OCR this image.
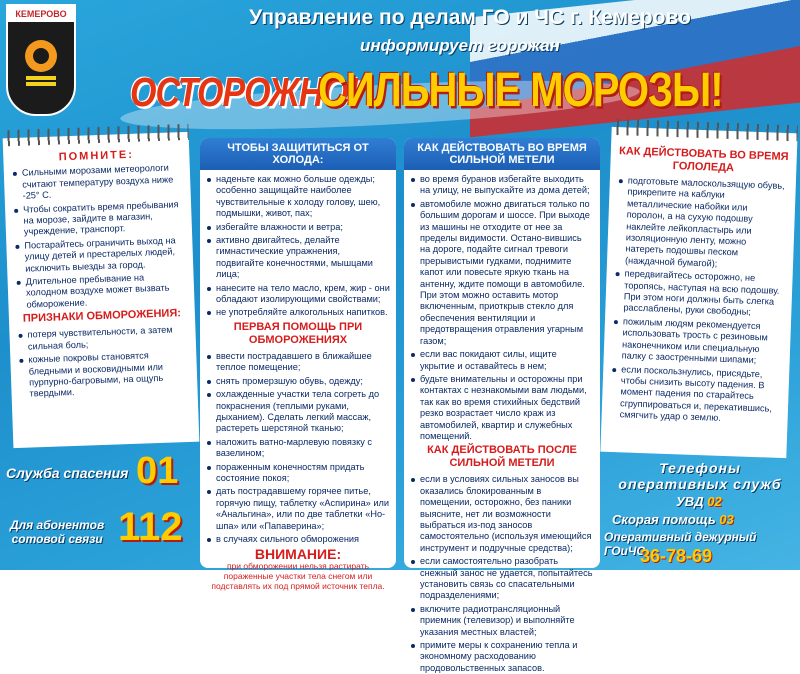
КЕМЕРОВО	Управление по делам ГО и ЧС г. Кемерово
информирует горожан
ОСТОРОЖНО!
СИЛЬНЫЕ МОРОЗЫ!
ПОМНИТЕ:
Сильными морозами метеорологи считают температуру воздуха ниже -25° С.
Чтобы сократить время пребывания на морозе, зайдите в магазин, учреждение, транспорт.
Постарайтесь ограничить выход на улицу детей и престарелых людей, исключить выезды за город.
Длительное пребывание на холодном воздухе может вызвать обморожение.
ПРИЗНАКИ ОБМОРОЖЕНИЯ:
потеря чувствительности, а затем сильная боль;
кожные покровы становятся бледными и восковидными или пурпурно-багровыми, на ощупь твердыми.
ЧТОБЫ ЗАЩИТИТЬСЯ ОТ ХОЛОДА:
наденьте как можно больше одежды; особенно защищайте наиболее чувствительные к холоду голову, шею, подмышки, живот, пах;
избегайте влажности и ветра;
активно двигайтесь, делайте гимнастические упражнения, подвигайте конечностями, мышцами лица;
нанесите на тело масло, крем, жир - они обладают изолирующими свойствами;
не употребляйте алкогольных напитков.
ПЕРВАЯ ПОМОЩЬ ПРИ ОБМОРОЖЕНИЯХ
ввести пострадавшего в ближайшее теплое помещение;
снять промерзшую обувь, одежду;
охлажденные участки тела согреть до покраснения (теплыми руками, дыханием). Сделать легкий массаж, растереть шерстяной тканью;
наложить ватно-марлевую повязку с вазелином;
пораженным конечностям придать состояние покоя;
дать пострадавшему горячее питье, горячую пищу, таблетку «Аспирина» или «Анальгина», или по две таблетки «Но-шпа» или «Папаверина»;
в случаях сильного обморожения
ВНИМАНИЕ:
при обморожении нельзя растирать пораженные участки тела снегом или подставлять их под прямой источник тепла.
КАК ДЕЙСТВОВАТЬ ВО ВРЕМЯ СИЛЬНОЙ МЕТЕЛИ
во время буранов избегайте выходить на улицу, не выпускайте из дома детей;
автомобиле можно двигаться только по большим дорогам и шоссе. При выходе из машины не отходите от нее за пределы видимости. Остано-вившись на дороге, подайте сигнал тревоги прерывистыми гудками, поднимите капот или повесьте яркую ткань на антенну, ждите помощи в автомобиле. При этом можно оставить мотор включенным, приоткрыв стекло для обеспечения вентиляции и предотвращения отравления угарным газом;
если вас покидают силы, ищите укрытие и оставайтесь в нем;
будьте внимательны и осторожны при контактах с незнакомыми вам людьми, так как во время стихийных бедствий резко возрастает число краж из автомобилей, квартир и служебных помещений.
КАК ДЕЙСТВОВАТЬ ПОСЛЕ СИЛЬНОЙ МЕТЕЛИ
если в условиях сильных заносов вы оказались блокированным в помещении, осторожно, без паники выясните, нет ли возможности выбраться из-под заносов самостоятельно (используя имеющийся инструмент и подручные средства);
если самостоятельно разобрать снежный занос не удается, попытайтесь установить связь со спасательными подразделениями;
включите радиотрансляционный приемник (телевизор) и выполняйте указания местных властей;
примите меры к сохранению тепла и экономному расходованию продовольственных запасов.
КАК ДЕЙСТВОВАТЬ ВО ВРЕМЯ ГОЛОЛЕДА
подготовьте малоскользящую обувь, прикрепите на каблуки металлические набойки или поролон, а на сухую подошву наклейте лейкопластырь или изоляционную ленту, можно натереть подошвы песком (наждачной бумагой);
передвигайтесь осторожно, не торопясь, наступая на всю подошву. При этом ноги должны быть слегка расслаблены, руки свободны;
пожилым людям рекомендуется использовать трость с резиновым наконечником или специальную палку с заостренными шипами;
если поскользнулись, присядьте, чтобы снизить высоту падения. В момент падения по старайтесь сгруппироваться и, перекатившись, смягчить удар о землю.
Служба спасения 01
Для абонентов
сотовой связи 112
Телефоны
оперативных служб
УВД 02
Скорая помощь 03
Оперативный дежурный ГОиЧС
36-78-69
